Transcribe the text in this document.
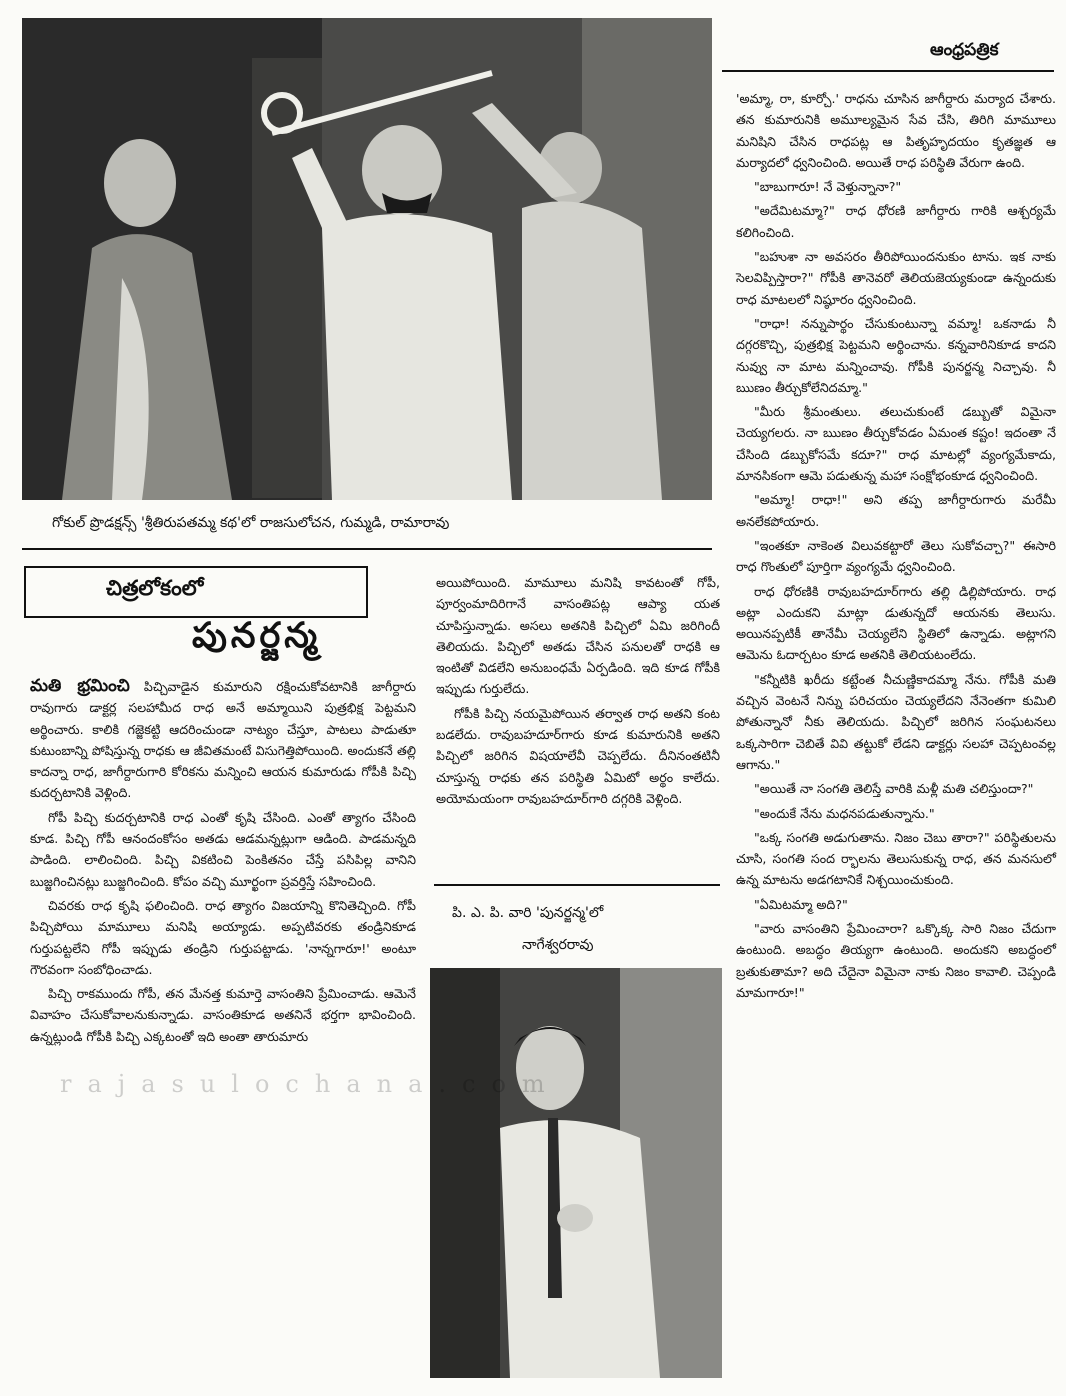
ఆంధ్రపత్రిక
గోకుల్ ప్రొడక్షన్స్ 'శ్రీతిరుపతమ్మ కథ'లో రాజసులోచన, గుమ్మడి, రామారావు
చిత్రలోకంలో
పునర్జన్మ

మతి భ్రమించి పిచ్చివాడైన కుమారుని రక్షించుకోవటానికి జాగీర్దారు రావుగారు డాక్టర్ల సలహామీద రాధ అనే అమ్మాయిని పుత్రభిక్ష పెట్టమని అర్థించారు. కాలికి గజ్జెకట్టి ఆదరించుండా నాట్యం చేస్తూ, పాటలు పాడుతూ కుటుంబాన్ని పోషిస్తున్న రాధకు ఆ జీవితమంటే విసుగెత్తిపోయింది. అందుకనే తల్లి కాదన్నా రాధ, జాగీర్దారుగారి కోరికను మన్నించి ఆయన కుమారుడు గోపీకి పిచ్చి కుదర్చటానికి వెళ్లింది.

గోపీ పిచ్చి కుదర్చటానికి రాధ ఎంతో కృషి చేసింది. ఎంతో త్యాగం చేసింది కూడ. పిచ్చి గోపీ ఆనందంకోసం అతడు ఆడమన్నట్లుగా ఆడింది. పాడమన్నది పాడింది. లాలించింది. పిచ్చి వికటించి పెంకితనం చేస్తే పసిపిల్ల వానిని బుజ్జగించినట్లు బుజ్జగించింది. కోపం వచ్చి మూర్ఖంగా ప్రవర్తిస్తే సహించింది.

చివరకు రాధ కృషి ఫలించింది. రాధ త్యాగం విజయాన్ని కొనితెచ్చింది. గోపీ పిచ్చిపోయి మామూలు మనిషి అయ్యాడు. అప్పటివరకు తండ్రినికూడ గుర్తుపట్టలేని గోపీ ఇప్పుడు తండ్రిని గుర్తుపట్టాడు. 'నాన్నగారూ!' అంటూ గౌరవంగా సంబోధించాడు.

పిచ్చి రాకముందు గోపీ, తన మేనత్త కుమార్తె వాసంతిని ప్రేమించాడు. ఆమెనే వివాహం చేసుకోవాలనుకున్నాడు. వాసంతికూడ అతనినే భర్తగా భావించింది. ఉన్నట్లుండి గోపీకి పిచ్చి ఎక్కటంతో ఇది అంతా తారుమారు

అయిపోయింది. మామూలు మనిషి కావటంతో గోపీ, పూర్వంమాదిరిగానే వాసంతిపట్ల ఆప్యా యత చూపిస్తున్నాడు. అసలు అతనికి పిచ్చిలో ఏమి జరిగిందీ తెలియదు. పిచ్చిలో అతడు చేసిన పనులతో రాధకి ఆ ఇంటితో విడలేని అనుబంధమే ఏర్పడింది. ఇది కూడ గోపీకి ఇప్పుడు గుర్తులేదు.

గోపీకి పిచ్చి నయమైపోయిన తర్వాత రాధ అతని కంట బడలేదు. రావుబహదూర్‌గారు కూడ కుమారునికి అతని పిచ్చిలో జరిగిన విషయాలేవీ చెప్పలేదు. దీనినంతటినీ చూస్తున్న రాధకు తన పరిస్థితి ఏమిటో అర్థం కాలేదు. అయోమయంగా రావుబహదూర్‌గారి దగ్గరికి వెళ్లింది.

పి. ఎ. పి. వారి 'పునర్జన్మ'లో
నాగేశ్వరరావు

'అమ్మా, రా, కూర్చో.' రాధను చూసిన జాగీర్దారు మర్యాద చేశారు. తన కుమారునికి అమూల్యమైన సేవ చేసి, తిరిగి మామూలు మనిషిని చేసిన రాధపట్ల ఆ పితృహృదయం కృతజ్ఞత ఆ మర్యాదలో ధ్వనించింది. అయితే రాధ పరిస్థితి వేరుగా ఉంది.

"బాబుగారూ! నే వెళ్తున్నానా?"

"అదేమిటమ్మా?" రాధ ధోరణి జాగీర్దారు గారికి ఆశ్చర్యమే కలిగించింది.

"బహుశా నా అవసరం తీరిపోయిందనుకుం టాను. ఇక నాకు సెలవిప్పిస్తారా?" గోపీకి తానెవరో తెలియజెయ్యకుండా ఉన్నందుకు రాధ మాటలలో నిష్ఠూరం ధ్వనించింది.

"రాధా! నన్నుపార్థం చేసుకుంటున్నా వమ్మా! ఒకనాడు నీ దగ్గరకొచ్చి, పుత్రభిక్ష పెట్టమని అర్థించాను. కన్నవారినికూడ కాదని నువ్వు నా మాట మన్నించావు. గోపీకి పునర్జన్మ నిచ్చావు. నీ ఋణం తీర్చుకోలేనిదమ్మా."

"మీరు శ్రీమంతులు. తలుచుకుంటే డబ్బుతో విమైనా చెయ్యగలరు. నా ఋణం తీర్చుకోవడం ఏమంత కష్టం! ఇదంతా నే చేసింది డబ్బుకోసమే కదూ?" రాధ మాటల్లో వ్యంగ్యమేకాదు, మానసికంగా ఆమె పడుతున్న మహా సంక్షోభంకూడ ధ్వనించింది.

"అమ్మా! రాధా!" అని తప్ప జాగీర్దారుగారు మరేమీ అనలేకపోయారు.

"ఇంతకూ నాకెంత విలువకట్టారో తెలు సుకోవచ్చా?" ఈసారి రాధ గొంతులో పూర్తిగా వ్యంగ్యమే ధ్వనించింది.

రాధ ధోరణికి రావుబహదూర్‌గారు తల్లి డిల్లిపోయారు. రాధ అట్లా ఎందుకని మాట్లా డుతున్నదో ఆయనకు తెలుసు. అయినప్పటికీ తానేమీ చెయ్యలేని స్థితిలో ఉన్నాడు. అట్లాగని ఆమెను ఓదార్చటం కూడ అతనికి తెలియటంలేదు.

"కన్నీటికి ఖరీదు కట్టేంత నీచుణ్ణికాదమ్మా నేను. గోపీకి మతి వచ్చిన వెంటనే నిన్ను పరిచయం చెయ్యలేదని నేనెంతగా కుమిలి పోతున్నానో నీకు తెలియదు. పిచ్చిలో జరిగిన సంఘటనలు ఒక్కసారిగా చెబితే వివి తట్టుకో లేడని డాక్టర్లు సలహా చెప్పటంవల్ల ఆగాను."

"అయితే నా సంగతి తెలిస్తే వారికి మళ్లీ మతి చలిస్తుందా?"

"అందుకే నేను మధనపడుతున్నాను."

"ఒక్క సంగతి అడుగుతాను. నిజం చెబు తారా?" పరిస్థితులను చూసి, సంగతి సంద ర్భాలను తెలుసుకున్న రాధ, తన మనసులో ఉన్న మాటను అడగటానికే నిశ్చయించుకుంది.

"ఏమిటమ్మా అది?"

"వారు వాసంతిని ప్రేమించారా? ఒక్కొక్క సారి నిజం చేదుగా ఉంటుంది. అబద్ధం తియ్యగా ఉంటుంది. అందుకని అబద్ధంలో బ్రతుకుతామా? అది చేదైనా విమైనా నాకు నిజం కావాలి. చెప్పండి మామగారూ!"

rajasulochana.com
